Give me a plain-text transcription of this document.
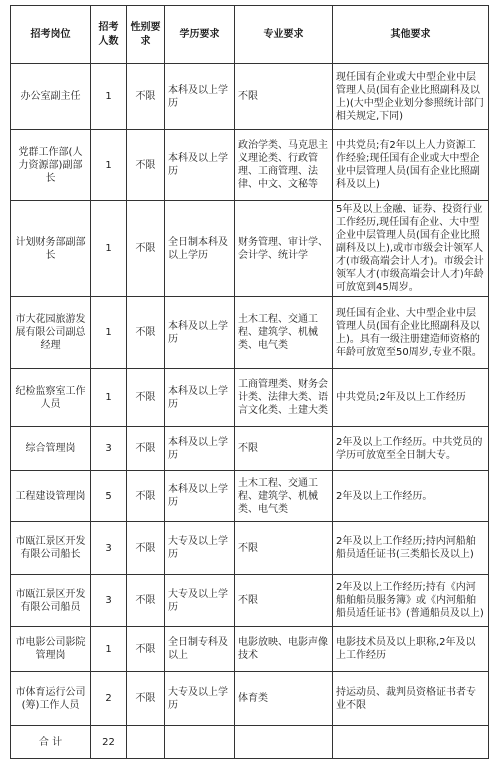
招考岗位	招考人数	性别要求	学历要求	专业要求	其他要求
办公室副主任	1	不限	本科及以上学历	不限	现任国有企业或大中型企业中层管理人员(国有企业比照副科及以上)(大中型企业划分参照统计部门相关规定,下同)
党群工作部(人力资源部)副部长	1	不限	本科及以上学历	政治学类、马克思主义理论类、行政管理、工商管理、法律、中文、文秘等	中共党员;有2年以上人力资源工作经验;现任国有企业或大中型企业中层管理人员(国有企业比照副科及以上)
计划财务部副部长	1	不限	全日制本科及以上学历	财务管理、审计学、会计学、统计学	5年及以上金融、证券、投资行业工作经历,现任国有企业、大中型企业中层管理人员(国有企业比照副科及以上),或市市级会计领军人才(市级高端会计人才)。市级会计领军人才(市级高端会计人才)年龄可放宽到45周岁。
市大花园旅游发展有限公司副总经理	1	不限	本科及以上学历	土木工程、交通工程、建筑学、机械类、电气类	现任国有企业、大中型企业中层管理人员(国有企业比照副科及以上)。具有一级注册建造师资格的年龄可放宽至50周岁,专业不限。
纪检监察室工作人员	1	不限	本科及以上学历	工商管理类、财务会计类、法律大类、语言文化类、土建大类	中共党员;2年及以上工作经历
综合管理岗	3	不限	本科及以上学历	不限	2年及以上工作经历。中共党员的学历可放宽至全日制大专。
工程建设管理岗	5	不限	本科及以上学历	土木工程、交通工程、建筑学、机械类、电气类	2年及以上工作经历。
市瓯江景区开发有限公司船长	3	不限	大专及以上学历	不限	2年及以上工作经历;持内河船舶船员适任证书(三类船长及以上)
市瓯江景区开发有限公司船员	3	不限	大专及以上学历	不限	2年及以上工作经历;持有《内河船舶船员服务簿》或《内河船舶船员适任证书》(普通船员及以上)
市电影公司影院管理岗	1	不限	全日制专科及以上	电影放映、电影声像技术	电影技术员及以上职称,2年及以上工作经历
市体育运行公司(筹)工作人员	2	不限	大专及以上学历	体育类	持运动员、裁判员资格证书者专业不限
合 计	22				
